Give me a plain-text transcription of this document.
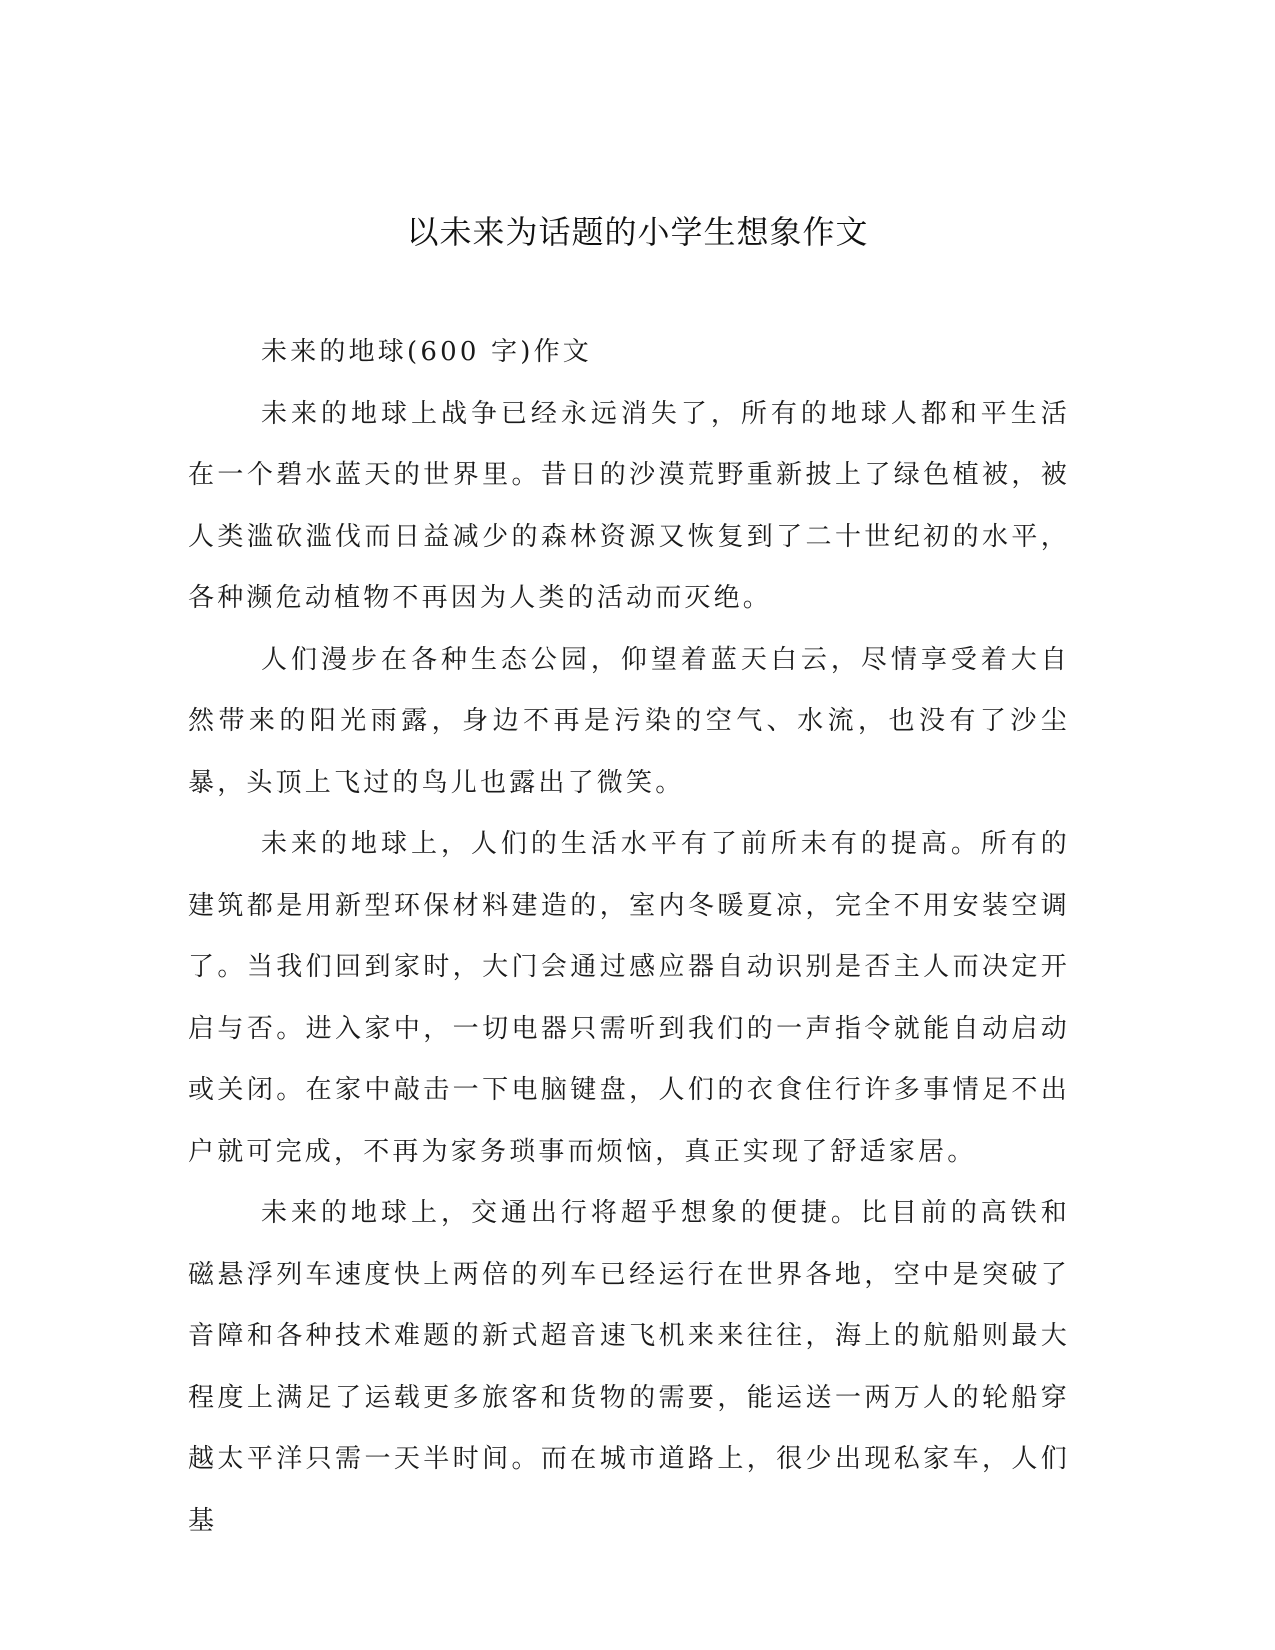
以未来为话题的小学生想象作文

未来的地球(600 字)作文

未来的地球上战争已经永远消失了，所有的地球人都和平生活在一个碧水蓝天的世界里。昔日的沙漠荒野重新披上了绿色植被，被人类滥砍滥伐而日益减少的森林资源又恢复到了二十世纪初的水平，各种濒危动植物不再因为人类的活动而灭绝。

人们漫步在各种生态公园，仰望着蓝天白云，尽情享受着大自然带来的阳光雨露，身边不再是污染的空气、水流，也没有了沙尘暴，头顶上飞过的鸟儿也露出了微笑。

未来的地球上，人们的生活水平有了前所未有的提高。所有的建筑都是用新型环保材料建造的，室内冬暖夏凉，完全不用安装空调了。当我们回到家时，大门会通过感应器自动识别是否主人而决定开启与否。进入家中，一切电器只需听到我们的一声指令就能自动启动或关闭。在家中敲击一下电脑键盘，人们的衣食住行许多事情足不出户就可完成，不再为家务琐事而烦恼，真正实现了舒适家居。

未来的地球上，交通出行将超乎想象的便捷。比目前的高铁和磁悬浮列车速度快上两倍的列车已经运行在世界各地，空中是突破了音障和各种技术难题的新式超音速飞机来来往往，海上的航船则最大程度上满足了运载更多旅客和货物的需要，能运送一两万人的轮船穿越太平洋只需一天半时间。而在城市道路上，很少出现私家车，人们基
